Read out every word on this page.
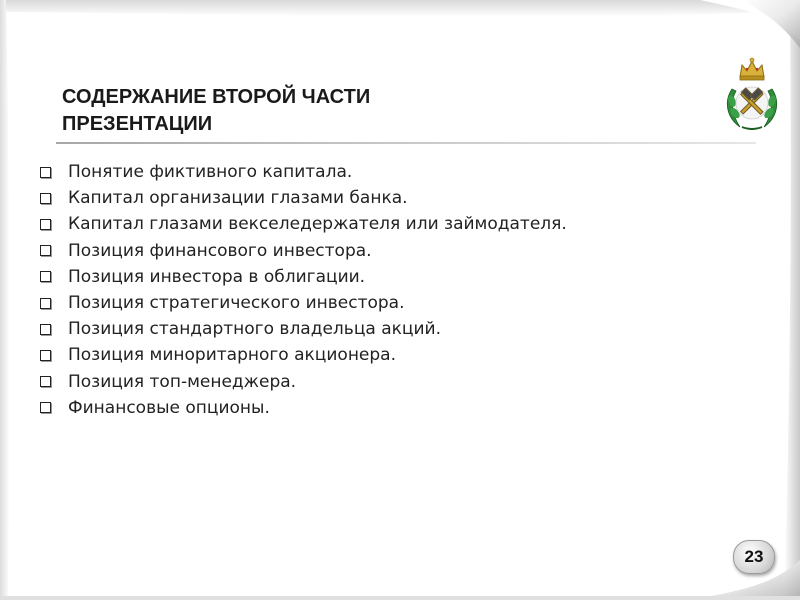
СОДЕРЖАНИЕ ВТОРОЙ ЧАСТИ
ПРЕЗЕНТАЦИИ
Понятие фиктивного капитала.
Капитал организации глазами банка.
Капитал глазами векселедержателя или займодателя.
Позиция финансового инвестора.
Позиция инвестора в облигации.
Позиция стратегического инвестора.
Позиция стандартного владельца акций.
Позиция миноритарного акционера.
Позиция топ-менеджера.
Финансовые опционы.
23
